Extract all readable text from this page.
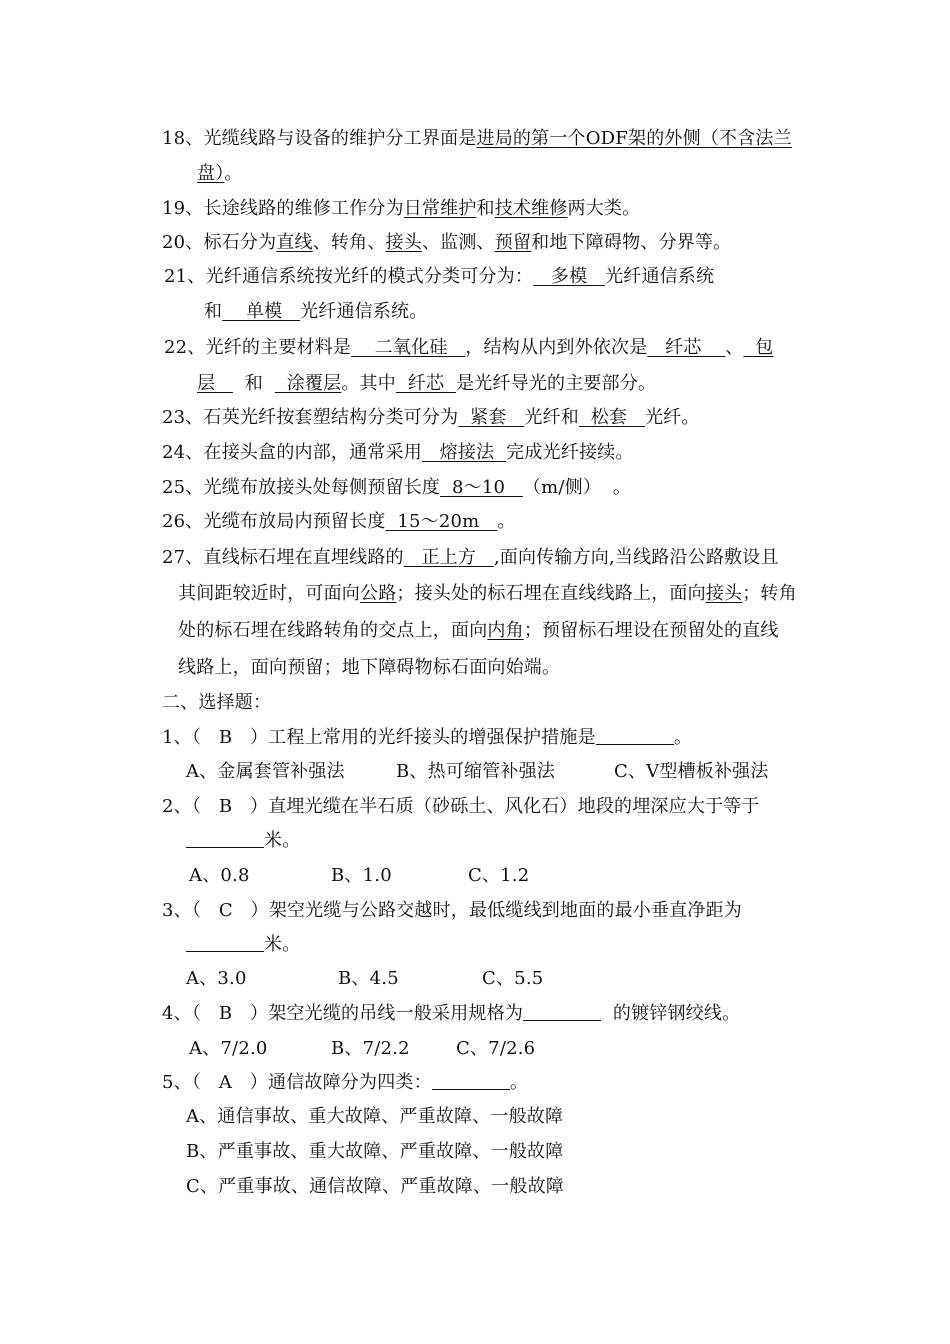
18、光缆线路与设备的维护分工界面是进局的第一个ODF架的外侧（不含法兰
盘）。
19、长途线路的维修工作分为日常维护和技术维修两大类。
20、标石分为直线、转角、接头、监测、预留和地下障碍物、分界等。
21、光纤通信系统按光纤的模式分类可分为：   多模   光纤通信系统
和    单模   光纤通信系统。
22、光纤的主要材料是    二氧化硅   ，结构从内到外依次是   纤芯    、  包
层     和    涂覆层。其中  纤芯  是光纤导光的主要部分。
23、石英光纤按套塑结构分类可分为  紧套   光纤和  松套   光纤。
24、在接头盒的内部，通常采用   熔接法  完成光纤接续。
25、光缆布放接头处每侧预留长度  8～10   （m/侧）  。
26、光缆布放局内预留长度  15～20m   。
27、直线标石埋在直埋线路的   正上方   ,面向传输方向,当线路沿公路敷设且
其间距较近时，可面向公路；接头处的标石埋在直线线路上，面向接头；转角
处的标石埋在线路转角的交点上，面向内角；预留标石埋设在预留处的直线
线路上，面向预留；地下障碍物标石面向始端。
二、选择题：
1、（   B   ）工程上常用的光纤接头的增强保护措施是	。
A、金属套管补强法	B、热可缩管补强法	C、V型槽板补强法
2、（   B   ）直埋光缆在半石质（砂砾土、风化石）地段的埋深应大于等于
米。
A、0.8	B、1.0	C、1.2
3、（   C   ）架空光缆与公路交越时，最低缆线到地面的最小垂直净距为
米。
A、3.0	B、4.5	C、5.5
4、（   B   ）架空光缆的吊线一般采用规格为	的镀锌钢绞线。
A、7/2.0	B、7/2.2	C、7/2.6
5、（   A   ）通信故障分为四类：	。
A、通信事故、重大故障、严重故障、一般故障
B、严重事故、重大故障、严重故障、一般故障
C、严重事故、通信故障、严重故障、一般故障
